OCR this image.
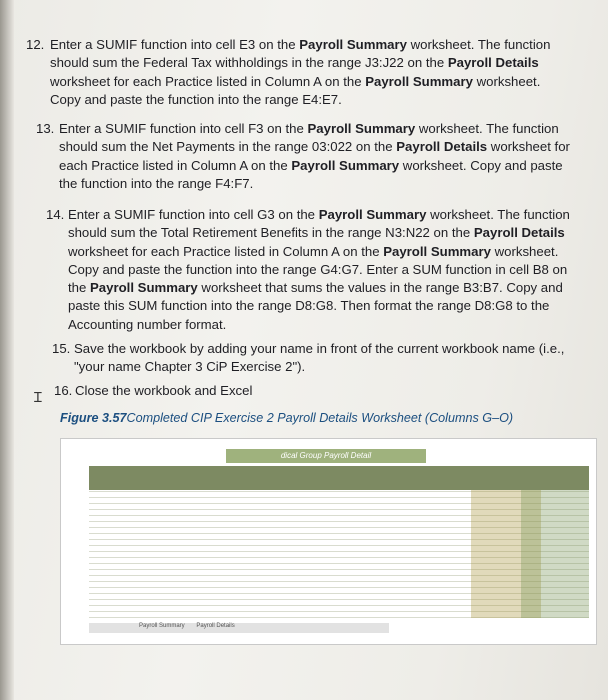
12. Enter a SUMIF function into cell E3 on the Payroll Summary worksheet. The function should sum the Federal Tax withholdings in the range J3:J22 on the Payroll Details worksheet for each Practice listed in Column A on the Payroll Summary worksheet. Copy and paste the function into the range E4:E7.
13. Enter a SUMIF function into cell F3 on the Payroll Summary worksheet. The function should sum the Net Payments in the range 03:022 on the Payroll Details worksheet for each Practice listed in Column A on the Payroll Summary worksheet. Copy and paste the function into the range F4:F7.
14. Enter a SUMIF function into cell G3 on the Payroll Summary worksheet. The function should sum the Total Retirement Benefits in the range N3:N22 on the Payroll Details worksheet for each Practice listed in Column A on the Payroll Summary worksheet. Copy and paste the function into the range G4:G7. Enter a SUM function in cell B8 on the Payroll Summary worksheet that sums the values in the range B3:B7. Copy and paste this SUM function into the range D8:G8. Then format the range D8:G8 to the Accounting number format.
15. Save the workbook by adding your name in front of the current workbook name (i.e., "your name Chapter 3 CiP Exercise 2").
16. Close the workbook and Excel
Ɪ
Figure 3.57Completed CIP Exercise 2 Payroll Details Worksheet (Columns G–O)
dical Group Payroll Detail
Payroll Summary Payroll Details
